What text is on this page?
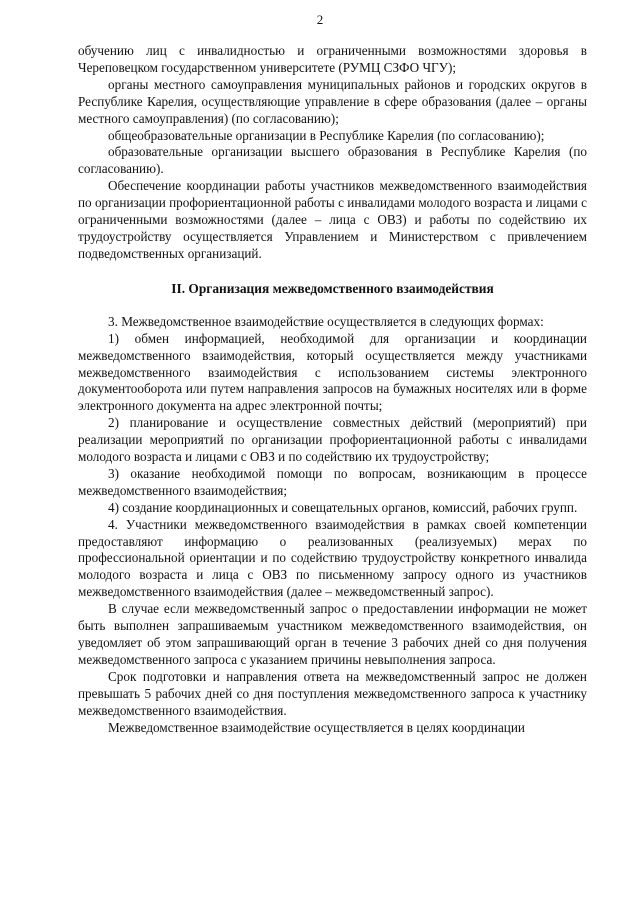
2

обучению лиц с инвалидностью и ограниченными возможностями здоровья в Череповецком государственном университете (РУМЦ СЗФО ЧГУ);

органы местного самоуправления муниципальных районов и городских округов в Республике Карелия, осуществляющие управление в сфере образования (далее – органы местного самоуправления) (по согласованию);

общеобразовательные организации в Республике Карелия (по согласованию);

образовательные организации высшего образования в Республике Карелия (по согласованию).

Обеспечение координации работы участников межведомственного взаимодействия по организации профориентационной работы с инвалидами молодого возраста и лицами с ограниченными возможностями (далее – лица с ОВЗ) и работы по содействию их трудоустройству осуществляется Управлением и Министерством с привлечением подведомственных организаций.

II. Организация межведомственного взаимодействия

3. Межведомственное взаимодействие осуществляется в следующих формах:

1) обмен информацией, необходимой для организации и координации межведомственного взаимодействия, который осуществляется между участниками межведомственного взаимодействия с использованием системы электронного документооборота или путем направления запросов на бумажных носителях или в форме электронного документа на адрес электронной почты;

2) планирование и осуществление совместных действий (мероприятий) при реализации мероприятий по организации профориентационной работы с инвалидами молодого возраста и лицами с ОВЗ и по содействию их трудоустройству;

3) оказание необходимой помощи по вопросам, возникающим в процессе межведомственного взаимодействия;

4) создание координационных и совещательных органов, комиссий, рабочих групп.

4. Участники межведомственного взаимодействия в рамках своей компетенции предоставляют информацию о реализованных (реализуемых) мерах по профессиональной ориентации и по содействию трудоустройству конкретного инвалида молодого возраста и лица с ОВЗ по письменному запросу одного из участников межведомственного взаимодействия (далее – межведомственный запрос).

В случае если межведомственный запрос о предоставлении информации не может быть выполнен запрашиваемым участником межведомственного взаимодействия, он уведомляет об этом запрашивающий орган в течение 3 рабочих дней со дня получения межведомственного запроса с указанием причины невыполнения запроса.

Срок подготовки и направления ответа на межведомственный запрос не должен превышать 5 рабочих дней со дня поступления межведомственного запроса к участнику межведомственного взаимодействия.

Межведомственное взаимодействие осуществляется в целях координации
